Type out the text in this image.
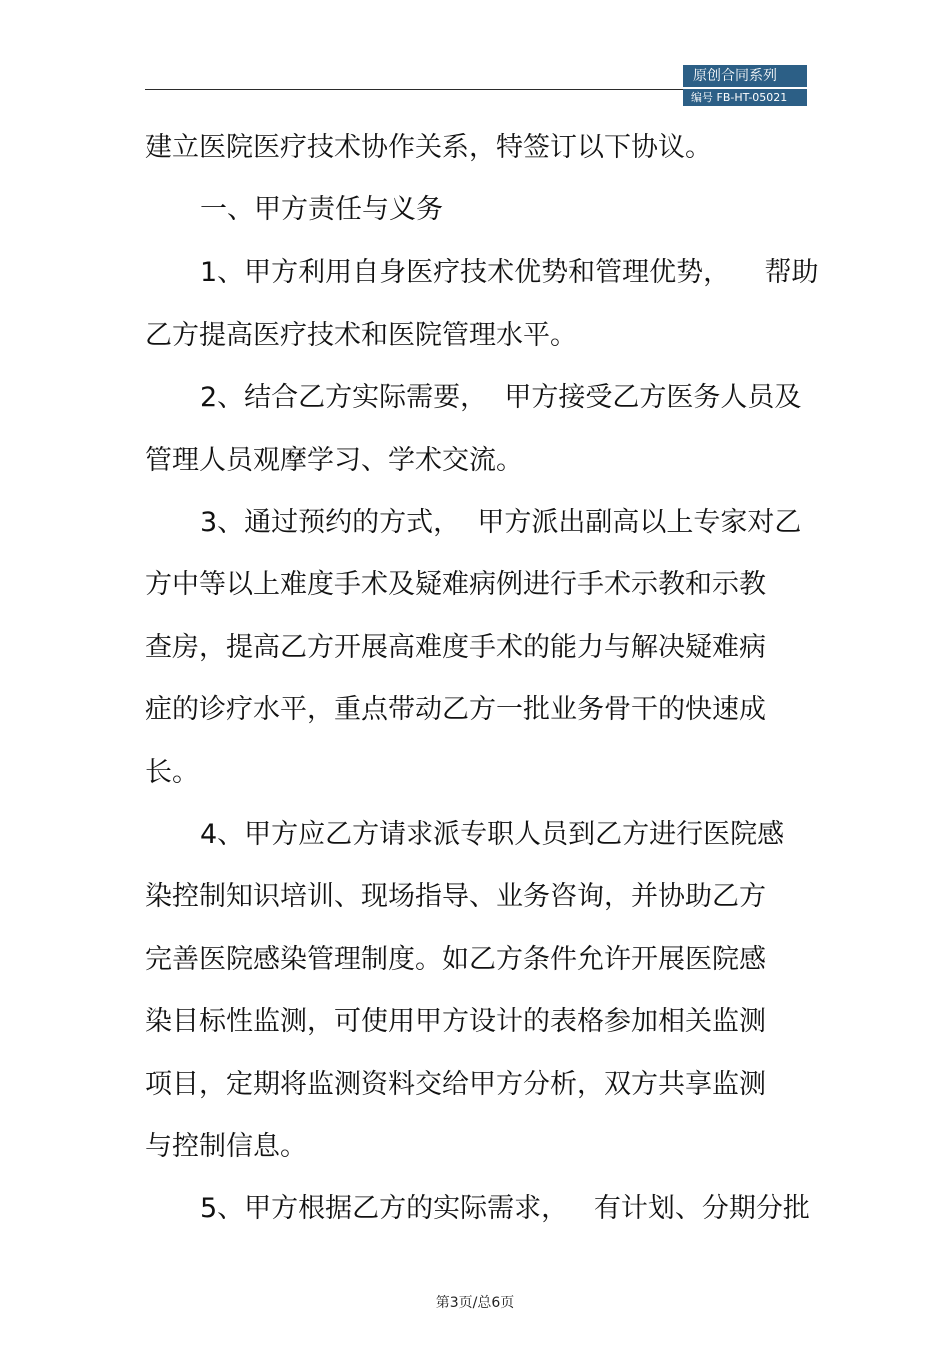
原创合同系列
编号 FB-HT-05021
建立医院医疗技术协作关系，特签订以下协议。
一、甲方责任与义务
1、甲方利用自身医疗技术优势和管理优势，    帮助
乙方提高医疗技术和医院管理水平。
2、结合乙方实际需要，  甲方接受乙方医务人员及
管理人员观摩学习、学术交流。
3、通过预约的方式，  甲方派出副高以上专家对乙
方中等以上难度手术及疑难病例进行手术示教和示教
查房，提高乙方开展高难度手术的能力与解决疑难病
症的诊疗水平，重点带动乙方一批业务骨干的快速成
长。
4、甲方应乙方请求派专职人员到乙方进行医院感
染控制知识培训、现场指导、业务咨询，并协助乙方
完善医院感染管理制度。如乙方条件允许开展医院感
染目标性监测，可使用甲方设计的表格参加相关监测
项目，定期将监测资料交给甲方分析，双方共享监测
与控制信息。
5、甲方根据乙方的实际需求，   有计划、分期分批
第3页/总6页
